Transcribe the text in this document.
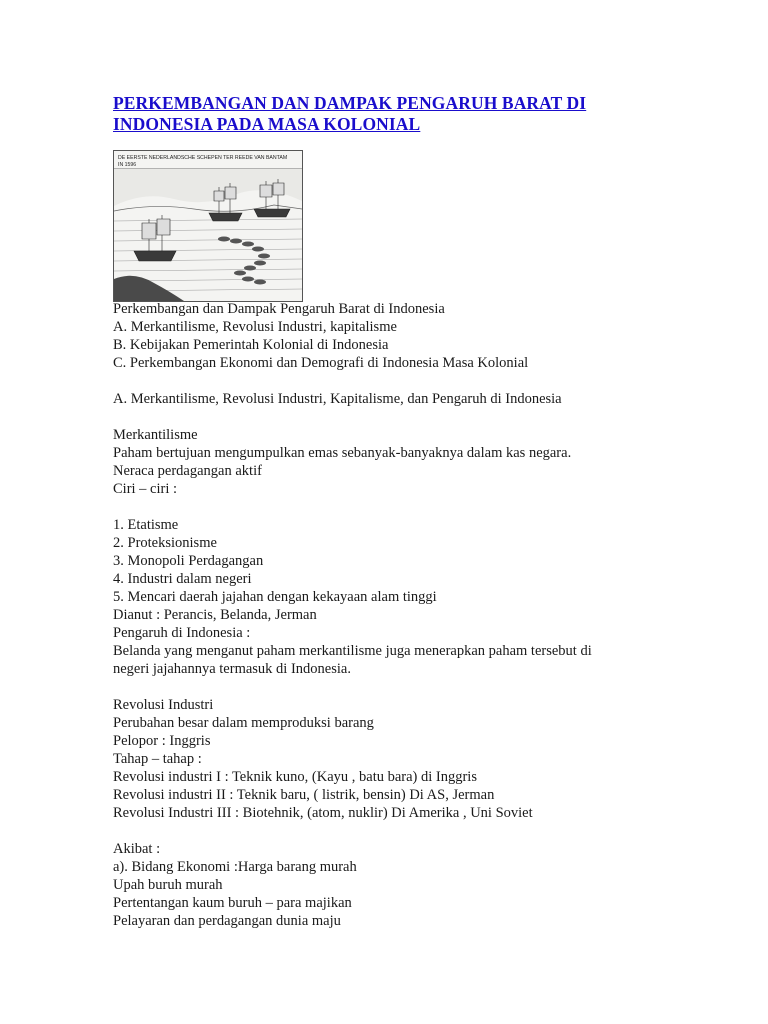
PERKEMBANGAN DAN DAMPAK PENGARUH BARAT DI
INDONESIA PADA MASA KOLONIAL
DE EERSTE NEDERLANDSCHE SCHEPEN TER REEDE VAN BANTAM
IN 1596
Perkembangan dan Dampak Pengaruh Barat di Indonesia
A. Merkantilisme, Revolusi Industri, kapitalisme
B. Kebijakan Pemerintah Kolonial di Indonesia
C. Perkembangan Ekonomi dan Demografi di Indonesia Masa Kolonial
A. Merkantilisme, Revolusi Industri, Kapitalisme, dan Pengaruh di Indonesia
Merkantilisme
Paham bertujuan mengumpulkan emas sebanyak-banyaknya dalam kas negara.
Neraca perdagangan aktif
Ciri – ciri :
1. Etatisme
2. Proteksionisme
3. Monopoli Perdagangan
4. Industri dalam negeri
5. Mencari daerah jajahan dengan kekayaan alam tinggi
Dianut : Perancis, Belanda, Jerman
Pengaruh di Indonesia :
Belanda yang menganut paham merkantilisme juga menerapkan paham tersebut di
negeri jajahannya termasuk di Indonesia.
Revolusi Industri
Perubahan besar dalam memproduksi barang
Pelopor : Inggris
Tahap – tahap :
Revolusi industri I : Teknik kuno, (Kayu , batu bara) di Inggris
Revolusi industri II : Teknik baru, ( listrik, bensin) Di AS, Jerman
Revolusi Industri III : Biotehnik, (atom, nuklir) Di Amerika , Uni Soviet
Akibat :
a). Bidang Ekonomi :Harga barang murah
Upah buruh murah
Pertentangan kaum buruh – para majikan
Pelayaran dan perdagangan dunia maju
